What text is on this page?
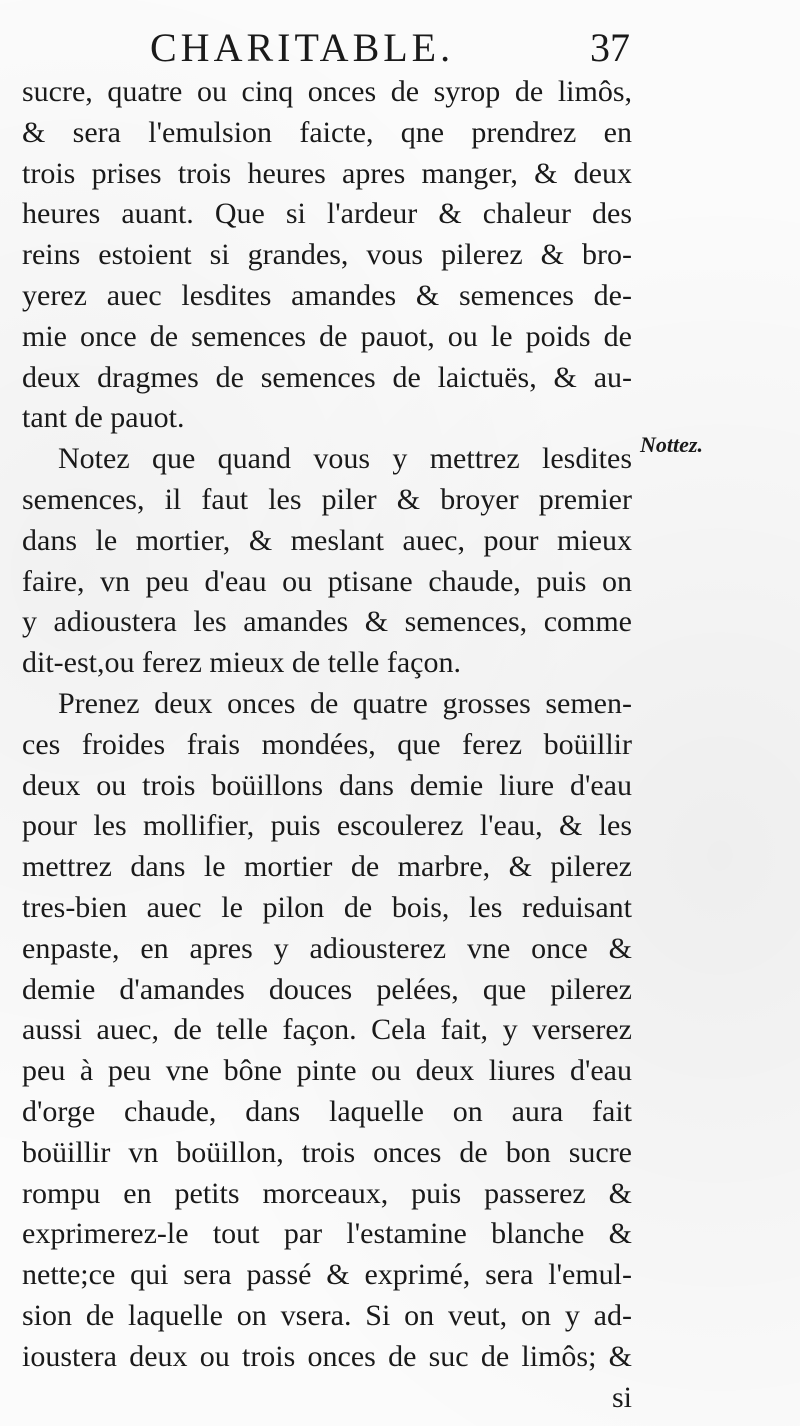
CHARITABLE.	37
sucre, quatre ou cinq onces de syrop de limôs,
& sera l'emulsion faicte, qne prendrez en
trois prises trois heures apres manger, & deux
heures auant. Que si l'ardeur & chaleur des
reins estoient si grandes, vous pilerez & bro-
yerez auec lesdites amandes & semences de-
mie once de semences de pauot, ou le poids de
deux dragmes de semences de laictuës, & au-
tant de pauot.
Notez que quand vous y mettrez lesdites
semences, il faut les piler & broyer premier
dans le mortier, & meslant auec, pour mieux
faire, vn peu d'eau ou ptisane chaude, puis on
y adioustera les amandes & semences, comme
dit-est,ou ferez mieux de telle façon.
Prenez deux onces de quatre grosses semen-
ces froides frais mondées, que ferez boüillir
deux ou trois boüillons dans demie liure d'eau
pour les mollifier, puis escoulerez l'eau, & les
mettrez dans le mortier de marbre, & pilerez
tres-bien auec le pilon de bois, les reduisant
enpaste, en apres y adiousterez vne once &
demie d'amandes douces pelées, que pilerez
aussi auec, de telle façon. Cela fait, y verserez
peu à peu vne bône pinte ou deux liures d'eau
d'orge chaude, dans laquelle on aura fait
boüillir vn boüillon, trois onces de bon sucre
rompu en petits morceaux, puis passerez &
exprimerez-le tout par l'estamine blanche &
nette;ce qui sera passé & exprimé, sera l'emul-
sion de laquelle on vsera. Si on veut, on y ad-
ioustera deux ou trois onces de suc de limôs; &
si
Nottez.
